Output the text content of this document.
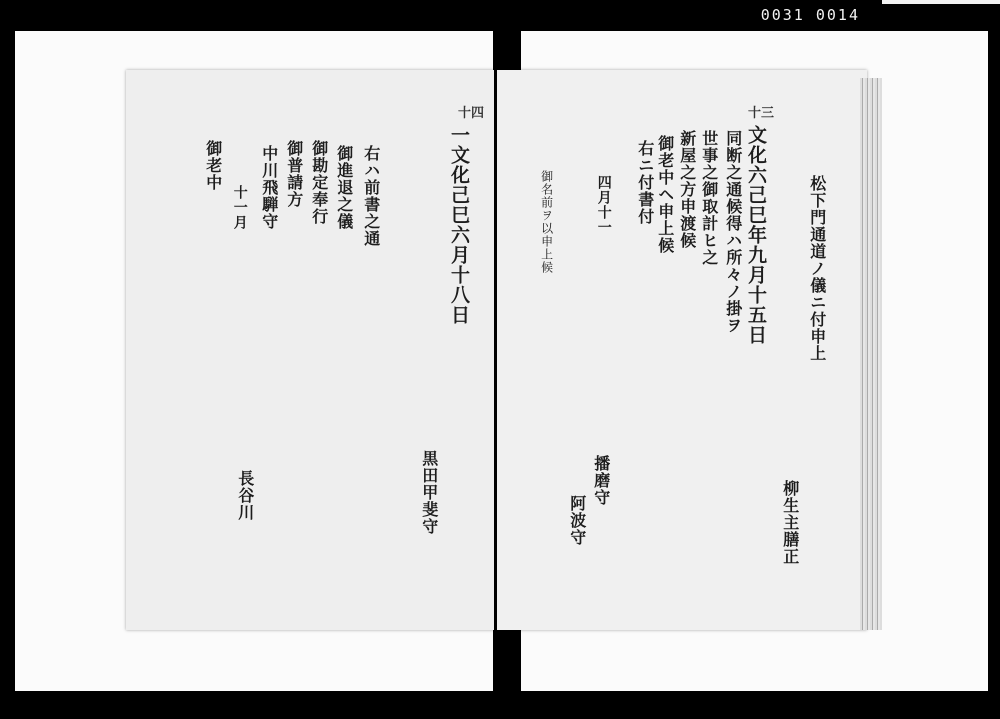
0031 0014
十三
文化六己巳年九月十五日	松下門通道ノ儀ニ付申上
柳生主膳正
同断之通候得ハ所々ノ掛ヲ
世事之御取計ヒ之
新屋之方申渡候
御老中ヘ申上候
四月十一 右ニ付書付
御名前ヲ以申上候
播磨守
阿波守
十四
一文化己巳六月十八日
黒田甲斐守
右ハ前書之通
御進退之儀
御勘定奉行
御普請方
中川飛騨守
十一月
長谷川
御老中
